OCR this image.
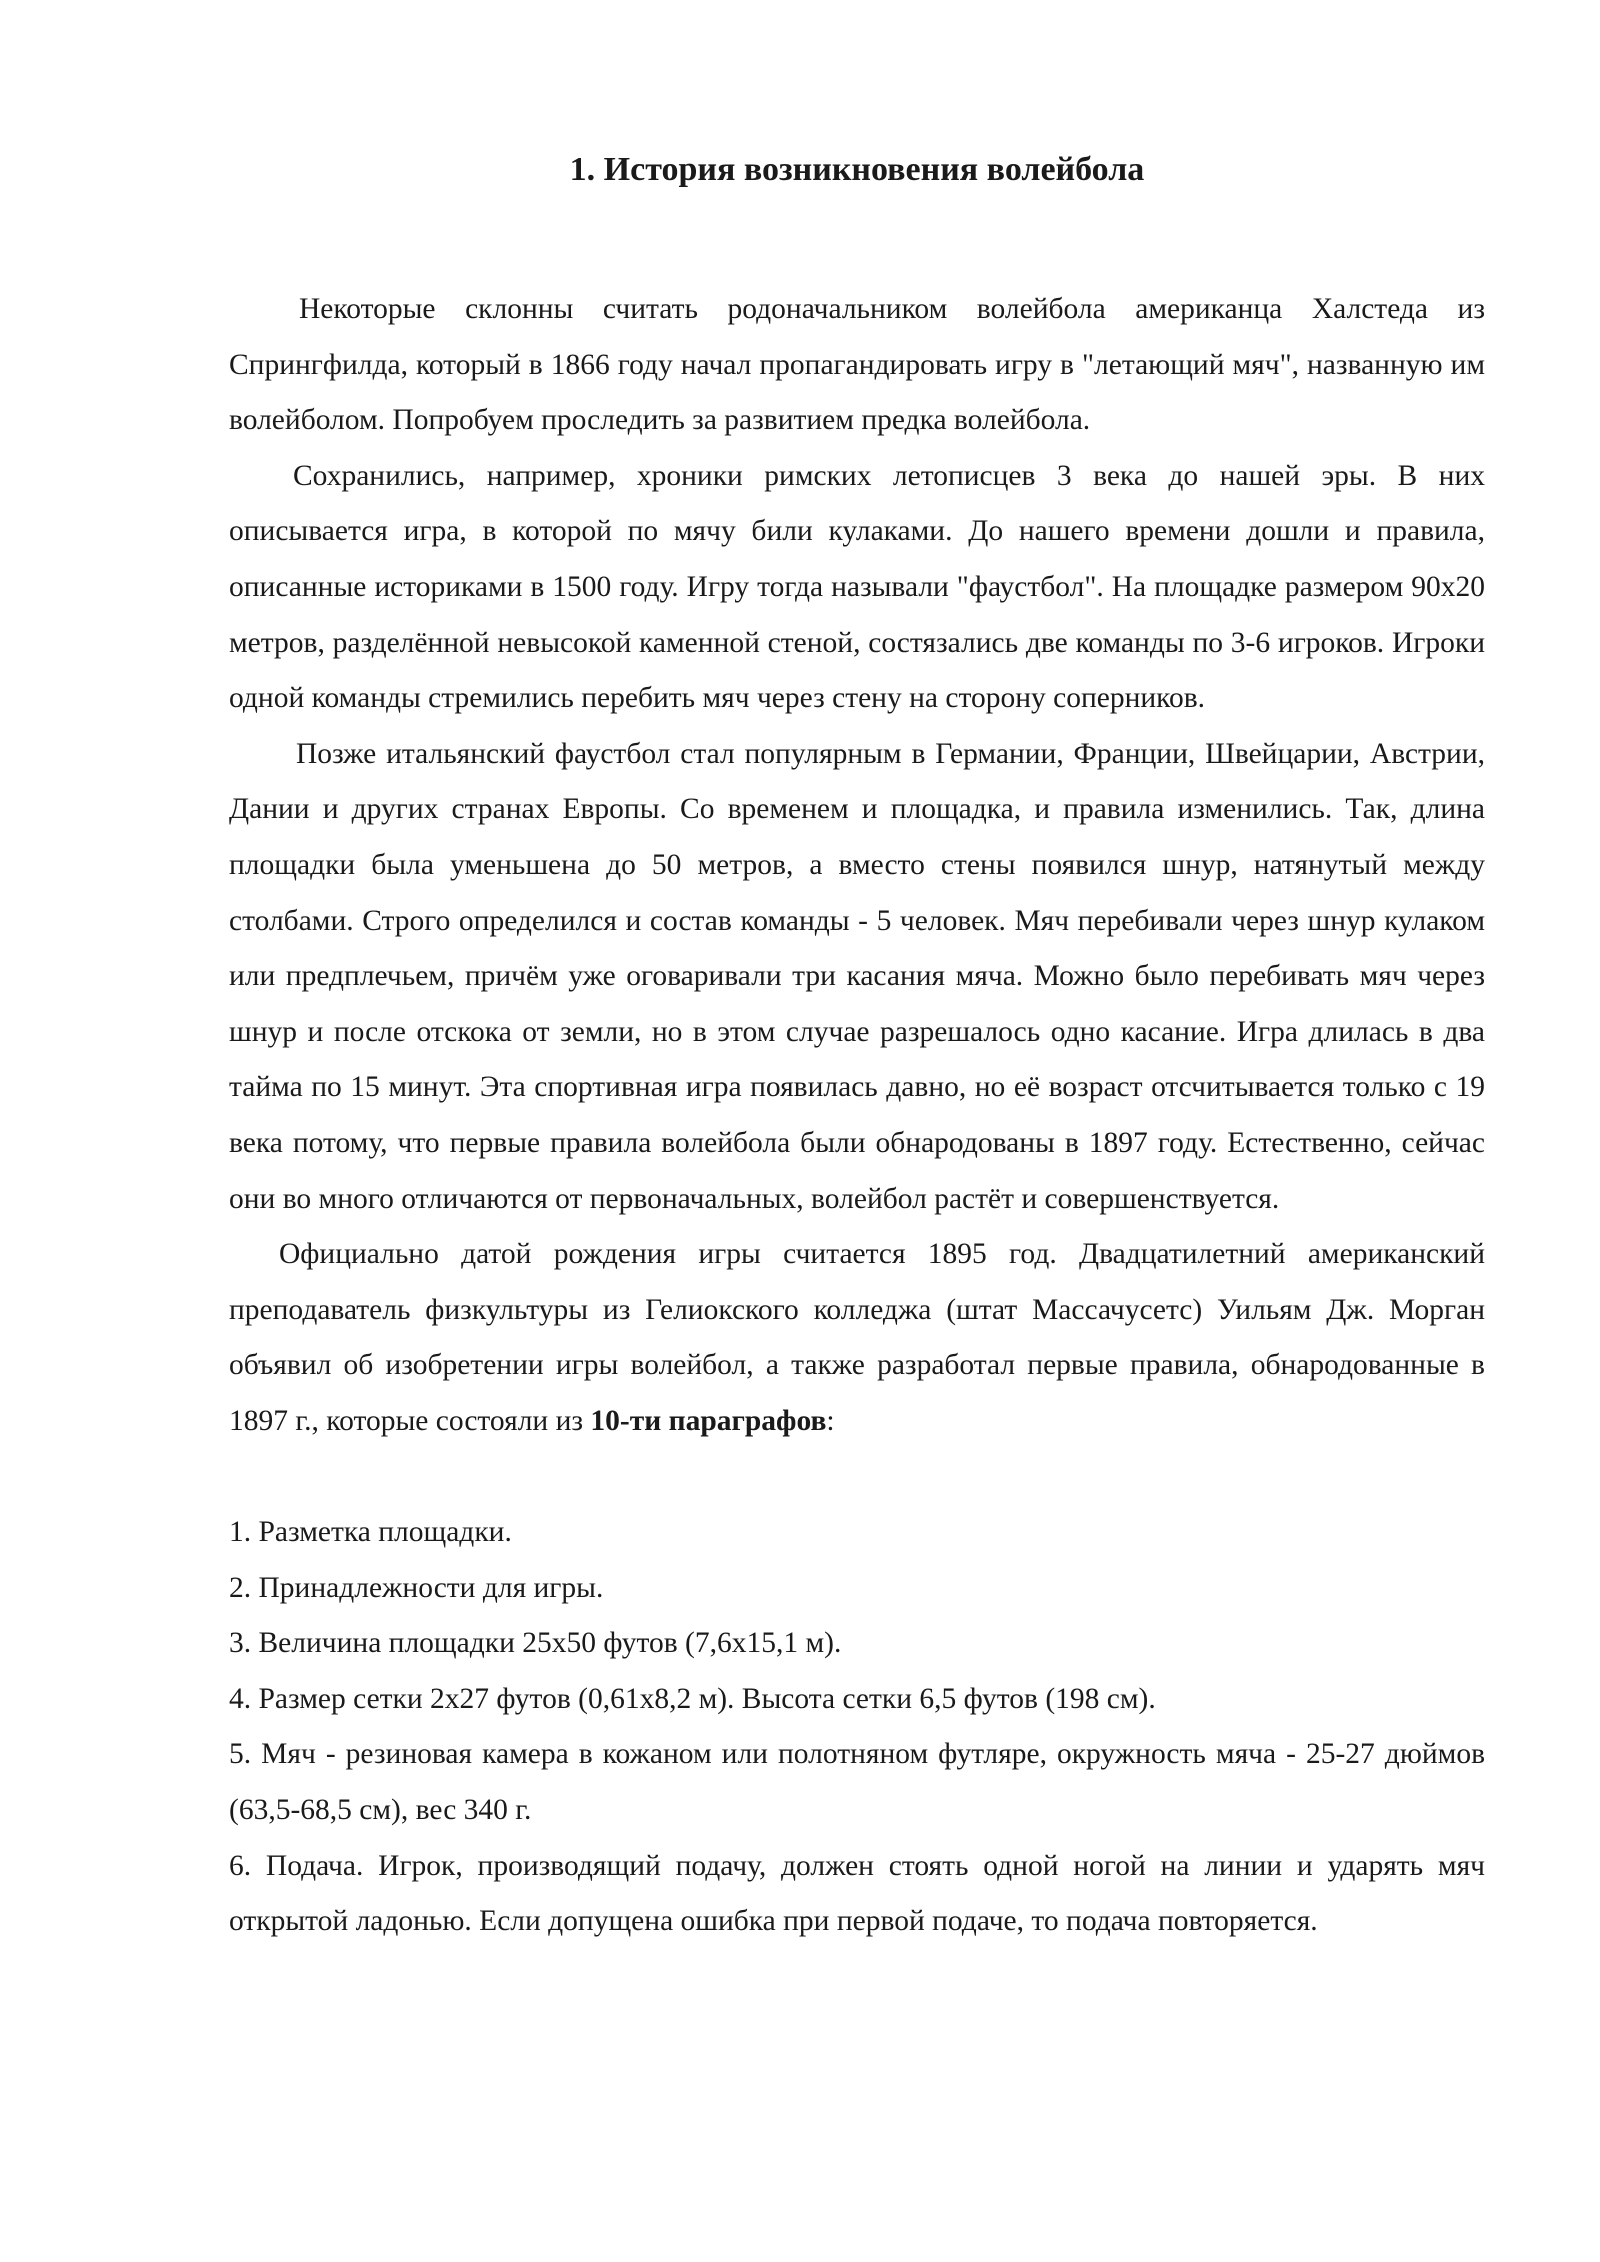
1. История возникновения волейбола

Некоторые склонны считать родоначальником волейбола американца Халстеда из Спрингфилда, который в 1866 году начал пропагандировать игру в "летающий мяч", названную им волейболом. Попробуем проследить за развитием предка волейбола.

Сохранились, например, хроники римских летописцев 3 века до нашей эры. В них описывается игра, в которой по мячу били кулаками. До нашего времени дошли и правила, описанные историками в 1500 году. Игру тогда называли "фаустбол". На площадке размером 90х20 метров, разделённой невысокой каменной стеной, состязались две команды по 3-6 игроков. Игроки одной команды стремились перебить мяч через стену на сторону соперников.

Позже итальянский фаустбол стал популярным в Германии, Франции, Швейцарии, Австрии, Дании и других странах Европы. Со временем и площадка, и правила изменились. Так, длина площадки была уменьшена до 50 метров, а вместо стены появился шнур, натянутый между столбами. Строго определился и состав команды - 5 человек. Мяч перебивали через шнур кулаком или предплечьем, причём уже оговаривали три касания мяча. Можно было перебивать мяч через шнур и после отскока от земли, но в этом случае разрешалось одно касание. Игра длилась в два тайма по 15 минут. Эта спортивная игра появилась давно, но её возраст отсчитывается только с 19 века потому, что первые правила волейбола были обнародованы в 1897 году. Естественно, сейчас они во много отличаются от первоначальных, волейбол растёт и совершенствуется.

Официально датой рождения игры считается 1895 год. Двадцатилетний американский преподаватель физкультуры из Гелиокского колледжа (штат Массачусетс) Уильям Дж. Морган объявил об изобретении игры волейбол, а также разработал первые правила, обнародованные в 1897 г., которые состояли из 10-ти параграфов:

1. Разметка площадки.

2. Принадлежности для игры.

3. Величина площадки 25х50 футов (7,6х15,1 м).

4. Размер сетки 2х27 футов (0,61х8,2 м). Высота сетки 6,5 футов (198 см).

5. Мяч - резиновая камера в кожаном или полотняном футляре, окружность мяча - 25-27 дюймов (63,5-68,5 см), вес 340 г.

6. Подача. Игрок, производящий подачу, должен стоять одной ногой на линии и ударять мяч открытой ладонью. Если допущена ошибка при первой подаче, то подача повторяется.
